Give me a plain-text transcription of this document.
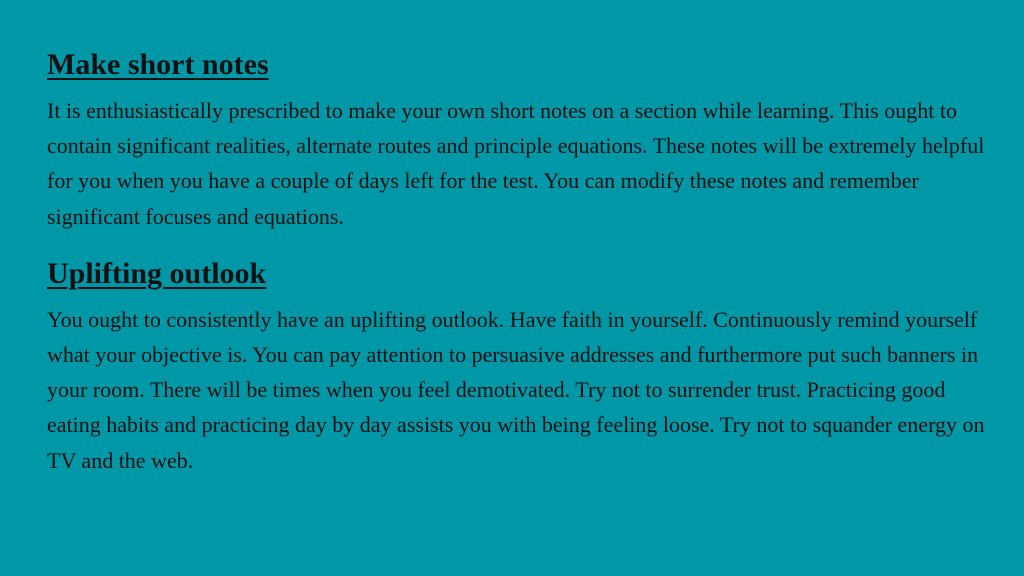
Make short notes

It is enthusiastically prescribed to make your own short notes on a section while learning. This ought to contain significant realities, alternate routes and principle equations. These notes will be extremely helpful for you when you have a couple of days left for the test. You can modify these notes and remember significant focuses and equations.

Uplifting outlook

You ought to consistently have an uplifting outlook. Have faith in yourself. Continuously remind yourself what your objective is. You can pay attention to persuasive addresses and furthermore put such banners in your room. There will be times when you feel demotivated. Try not to surrender trust. Practicing good eating habits and practicing day by day assists you with being feeling loose. Try not to squander energy on TV and the web.
